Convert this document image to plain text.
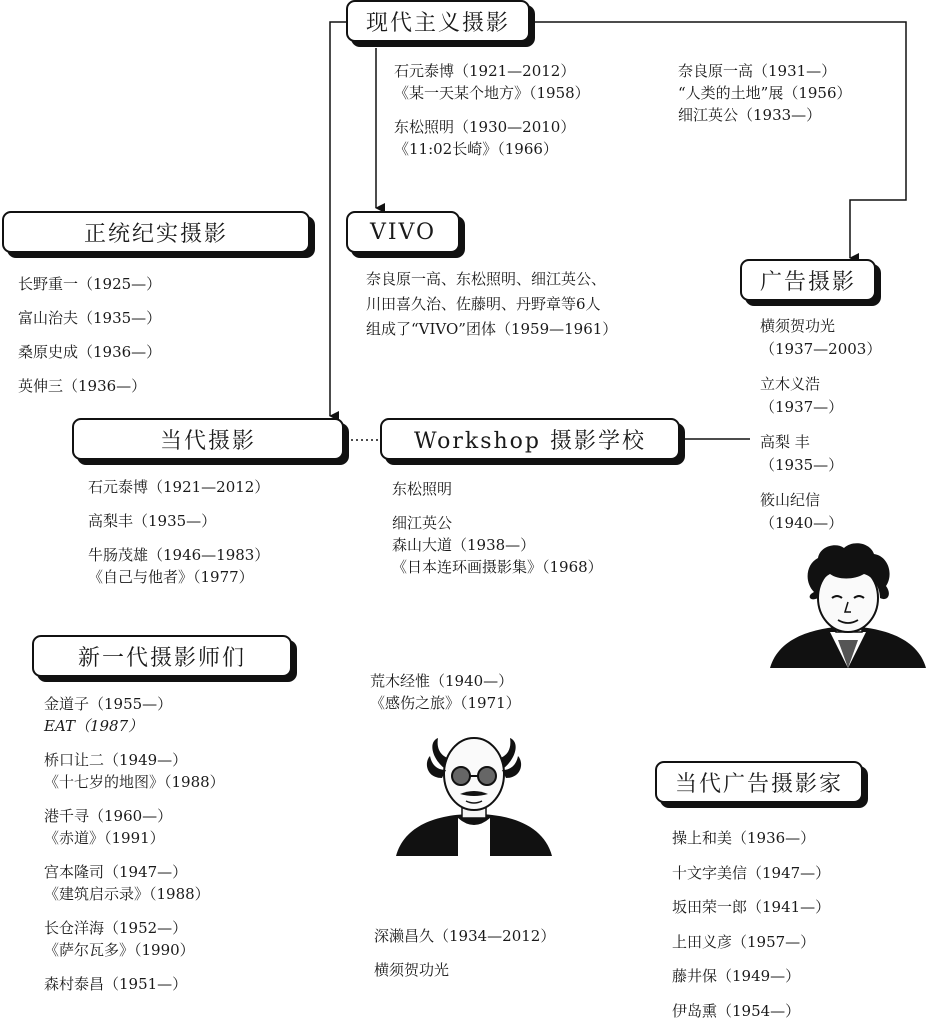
现代主义摄影
正统纪实摄影	VIVO
广告摄影
当代摄影	Workshop 摄影学校
新一代摄影师们
当代广告摄影家
石元泰博（1921—2012）
《某一天某个地方》（1958）
东松照明（1930—2010）
《11:02长崎》（1966）
奈良原一高（1931—）
“人类的土地”展（1956）
细江英公（1933—）
长野重一（1925—）
富山治夫（1935—）
桑原史成（1936—）
英伸三（1936—）
奈良原一高、东松照明、细江英公、
川田喜久治、佐藤明、丹野章等6人
组成了“VIVO”团体（1959—1961）	横须贺功光
（1937—2003）
立木义浩
（1937—）
高梨 丰
（1935—）
筱山纪信
（1940—）
石元泰博（1921—2012）
高梨丰（1935—）
牛肠茂雄（1946—1983）
《自己与他者》（1977）
东松照明
细江英公
森山大道（1938—）
《日本连环画摄影集》（1968）
金道子（1955—）
EAT（1987）
桥口让二（1949—）
《十七岁的地图》（1988）
港千寻（1960—）
《赤道》（1991）
宫本隆司（1947—）
《建筑启示录》（1988）
长仓洋海（1952—）
《萨尔瓦多》（1990）
森村泰昌（1951—）
荒木经惟（1940—）
《感伤之旅》（1971）
深濑昌久（1934—2012）
横须贺功光
操上和美（1936—）
十文字美信（1947—）
坂田荣一郎（1941—）
上田义彦（1957—）
藤井保（1949—）
伊岛熏（1954—）
